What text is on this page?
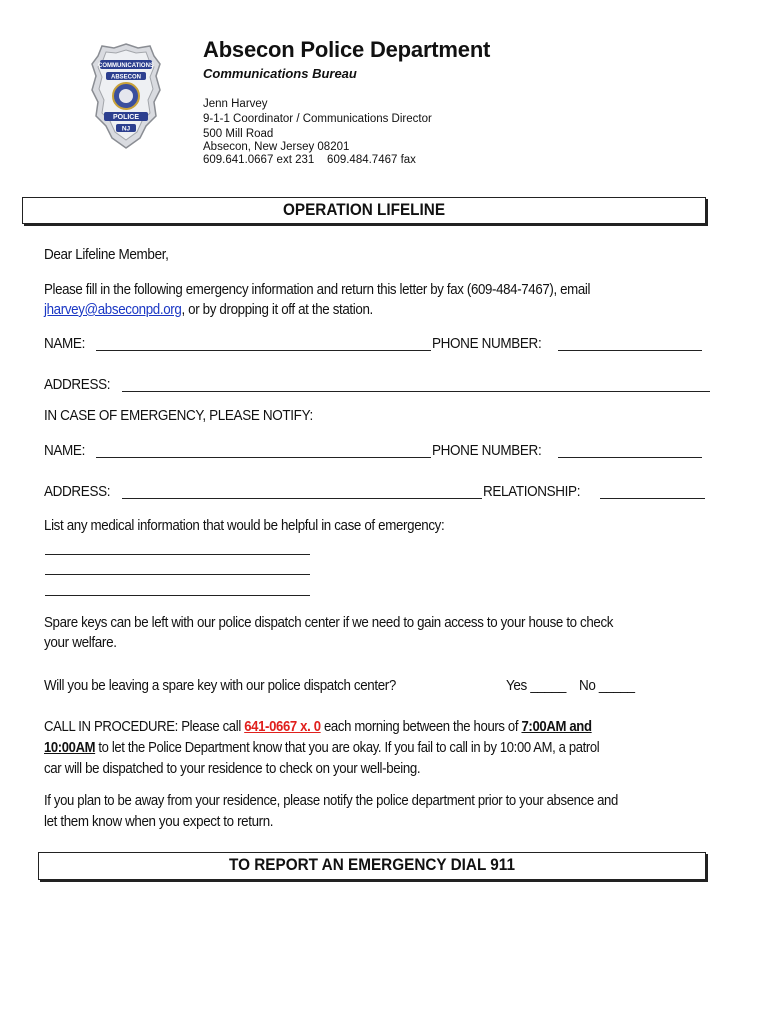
COMMUNICATIONS
ABSECON
POLICE
NJ
Absecon Police Department
Communications Bureau
Jenn Harvey
9-1-1 Coordinator / Communications Director
500 Mill Road
Absecon, New Jersey 08201
609.641.0667 ext 231    609.484.7467 fax
OPERATION LIFELINE
Dear Lifeline Member,
Please fill in the following emergency information and return this letter by fax (609-484-7467), email
jharvey@abseconpd.org, or by dropping it off at the station.
NAME:	PHONE NUMBER:
ADDRESS:
IN CASE OF EMERGENCY, PLEASE NOTIFY:
NAME:	PHONE NUMBER:
ADDRESS:	RELATIONSHIP:
List any medical information that would be helpful in case of emergency:
Spare keys can be left with our police dispatch center if we need to gain access to your house to check
your welfare.
Will you be leaving a spare key with our police dispatch center?	Yes _____ No _____
CALL IN PROCEDURE: Please call 641-0667 x. 0 each morning between the hours of 7:00AM and
10:00AM to let the Police Department know that you are okay. If you fail to call in by 10:00 AM, a patrol
car will be dispatched to your residence to check on your well-being.
If you plan to be away from your residence, please notify the police department prior to your absence and
let them know when you expect to return.
TO REPORT AN EMERGENCY DIAL 911
